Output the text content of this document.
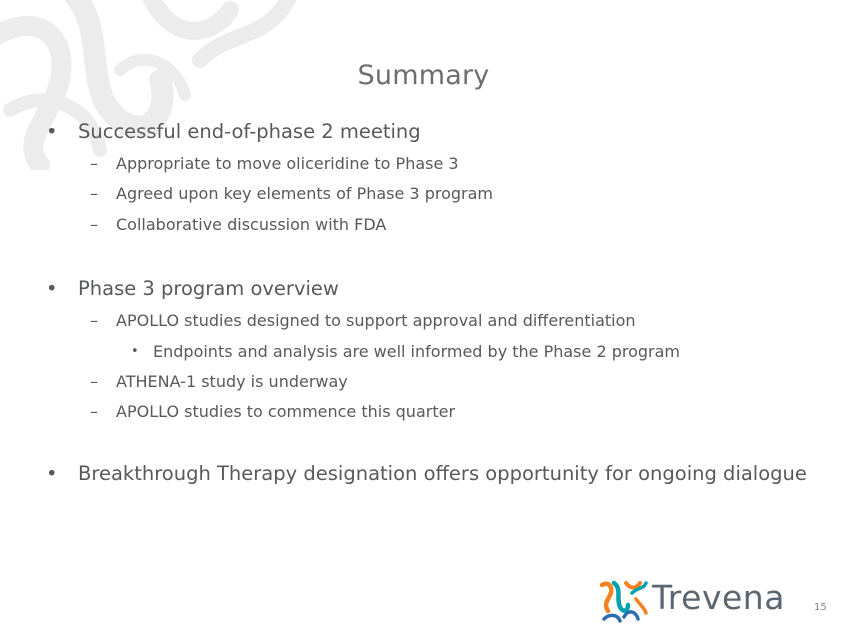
Summary
• Successful end-of-phase 2 meeting
– Appropriate to move oliceridine to Phase 3
– Agreed upon key elements of Phase 3 program
– Collaborative discussion with FDA
• Phase 3 program overview
– APOLLO studies designed to support approval and differentiation
• Endpoints and analysis are well informed by the Phase 2 program
– ATHENA-1 study is underway
– APOLLO studies to commence this quarter
• Breakthrough Therapy designation offers opportunity for ongoing dialogue
Trevena	15
